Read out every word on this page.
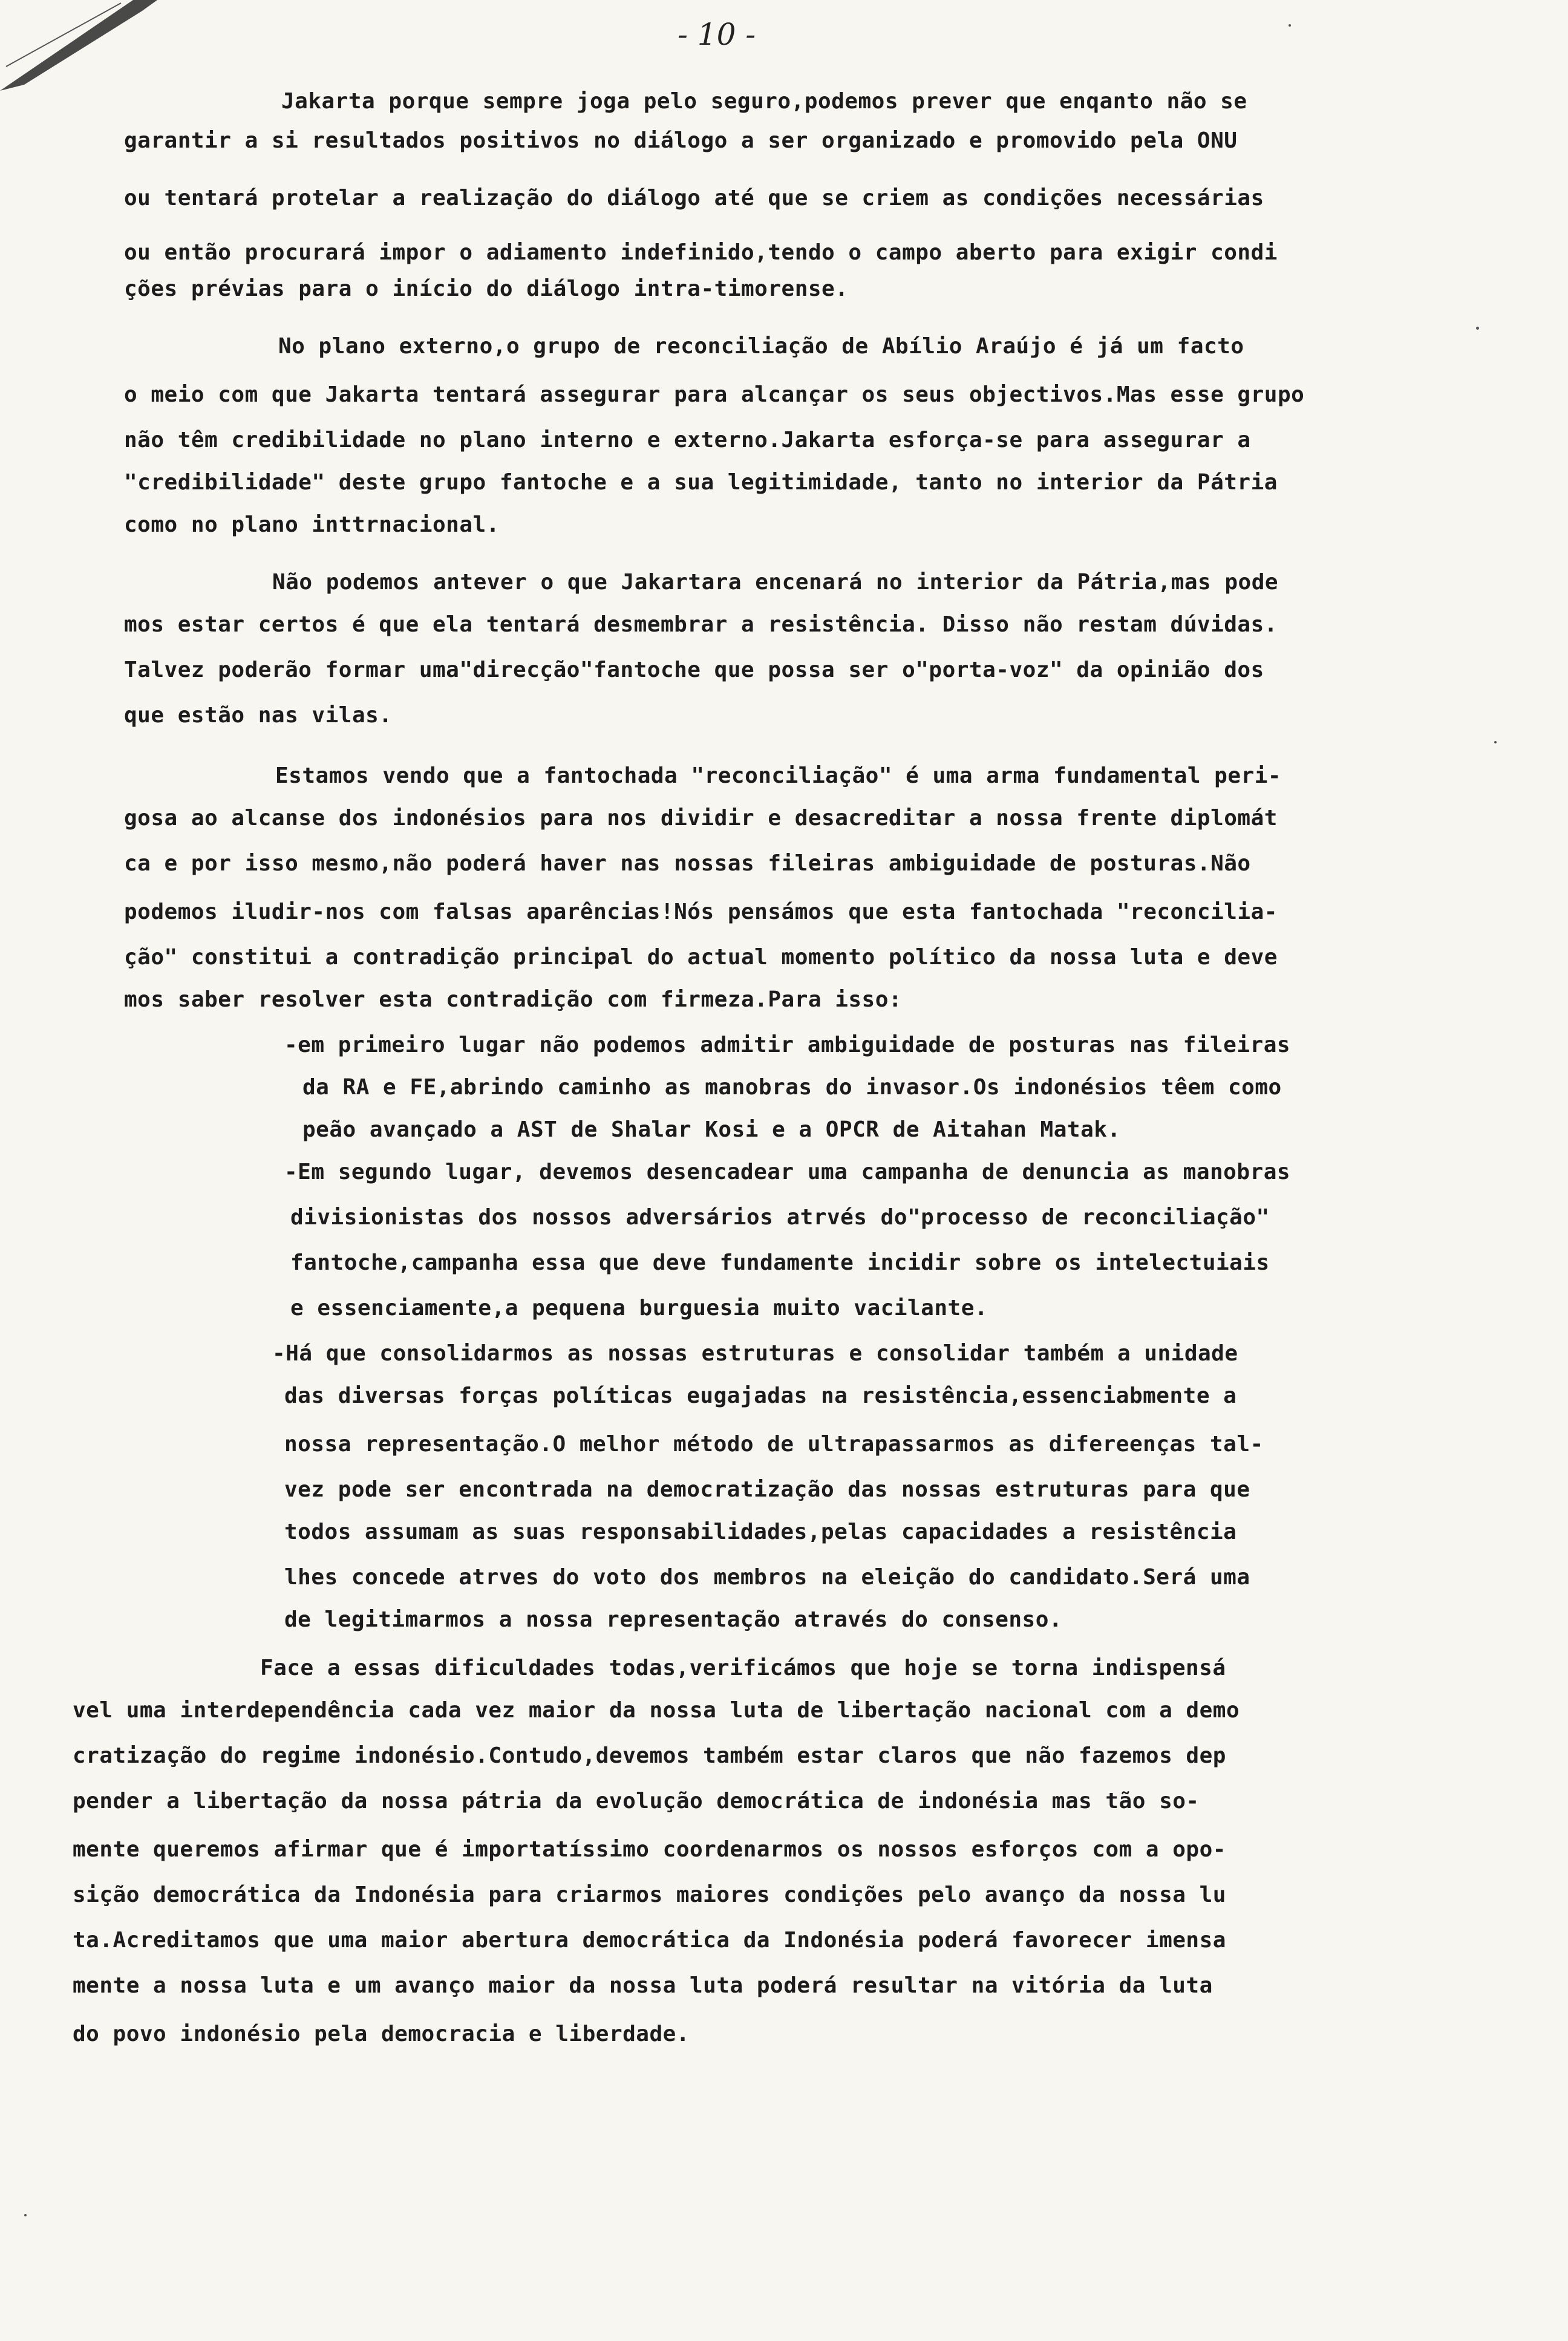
- 10 -
Jakarta porque sempre joga pelo seguro,podemos prever que enqanto não se
garantir a si resultados positivos no diálogo a ser organizado e promovido pela ONU
ou tentará protelar a realização do diálogo até que se criem as condições necessárias
ou então procurará impor o adiamento indefinido,tendo o campo aberto para exigir condi
ções prévias para o início do diálogo intra-timorense.
No plano externo,o grupo de reconciliação de Abílio Araújo é já um facto
o meio com que Jakarta tentará assegurar para alcançar os seus objectivos.Mas esse grupo
não têm credibilidade no plano interno e externo.Jakarta esforça-se para assegurar a
"credibilidade" deste grupo fantoche e a sua legitimidade, tanto no interior da Pátria
como no plano inttrnacional.
Não podemos antever o que Jakartara encenará no interior da Pátria,mas pode
mos estar certos é que ela tentará desmembrar a resistência. Disso não restam dúvidas.
Talvez poderão formar uma"direcção"fantoche que possa ser o"porta-voz" da opinião dos
que estão nas vilas.
Estamos vendo que a fantochada "reconciliação" é uma arma fundamental peri-
gosa ao alcanse dos indonésios para nos dividir e desacreditar a nossa frente diplomát
ca e por isso mesmo,não poderá haver nas nossas fileiras ambiguidade de posturas.Não
podemos iludir-nos com falsas aparências!Nós pensámos que esta fantochada "reconcilia-
ção" constitui a contradição principal do actual momento político da nossa luta e deve
mos saber resolver esta contradição com firmeza.Para isso:
-em primeiro lugar não podemos admitir ambiguidade de posturas nas fileiras
da RA e FE,abrindo caminho as manobras do invasor.Os indonésios têem como
peão avançado a AST de Shalar Kosi e a OPCR de Aitahan Matak.
-Em segundo lugar, devemos desencadear uma campanha de denuncia as manobras
divisionistas dos nossos adversários atrvés do"processo de reconciliação"
fantoche,campanha essa que deve fundamente incidir sobre os intelectuiais
e essenciamente,a pequena burguesia muito vacilante.
-Há que consolidarmos as nossas estruturas e consolidar também a unidade
das diversas forças políticas eugajadas na resistência,essenciabmente a
nossa representação.O melhor método de ultrapassarmos as difereenças tal-
vez pode ser encontrada na democratização das nossas estruturas para que
todos assumam as suas responsabilidades,pelas capacidades a resistência
lhes concede atrves do voto dos membros na eleição do candidato.Será uma
de legitimarmos a nossa representação através do consenso.
Face a essas dificuldades todas,verificámos que hoje se torna indispensá
vel uma interdependência cada vez maior da nossa luta de libertação nacional com a demo
cratização do regime indonésio.Contudo,devemos também estar claros que não fazemos dep
pender a libertação da nossa pátria da evolução democrática de indonésia mas tão so-
mente queremos afirmar que é importatíssimo coordenarmos os nossos esforços com a opo-
sição democrática da Indonésia para criarmos maiores condições pelo avanço da nossa lu
ta.Acreditamos que uma maior abertura democrática da Indonésia poderá favorecer imensa
mente a nossa luta e um avanço maior da nossa luta poderá resultar na vitória da luta
do povo indonésio pela democracia e liberdade.
